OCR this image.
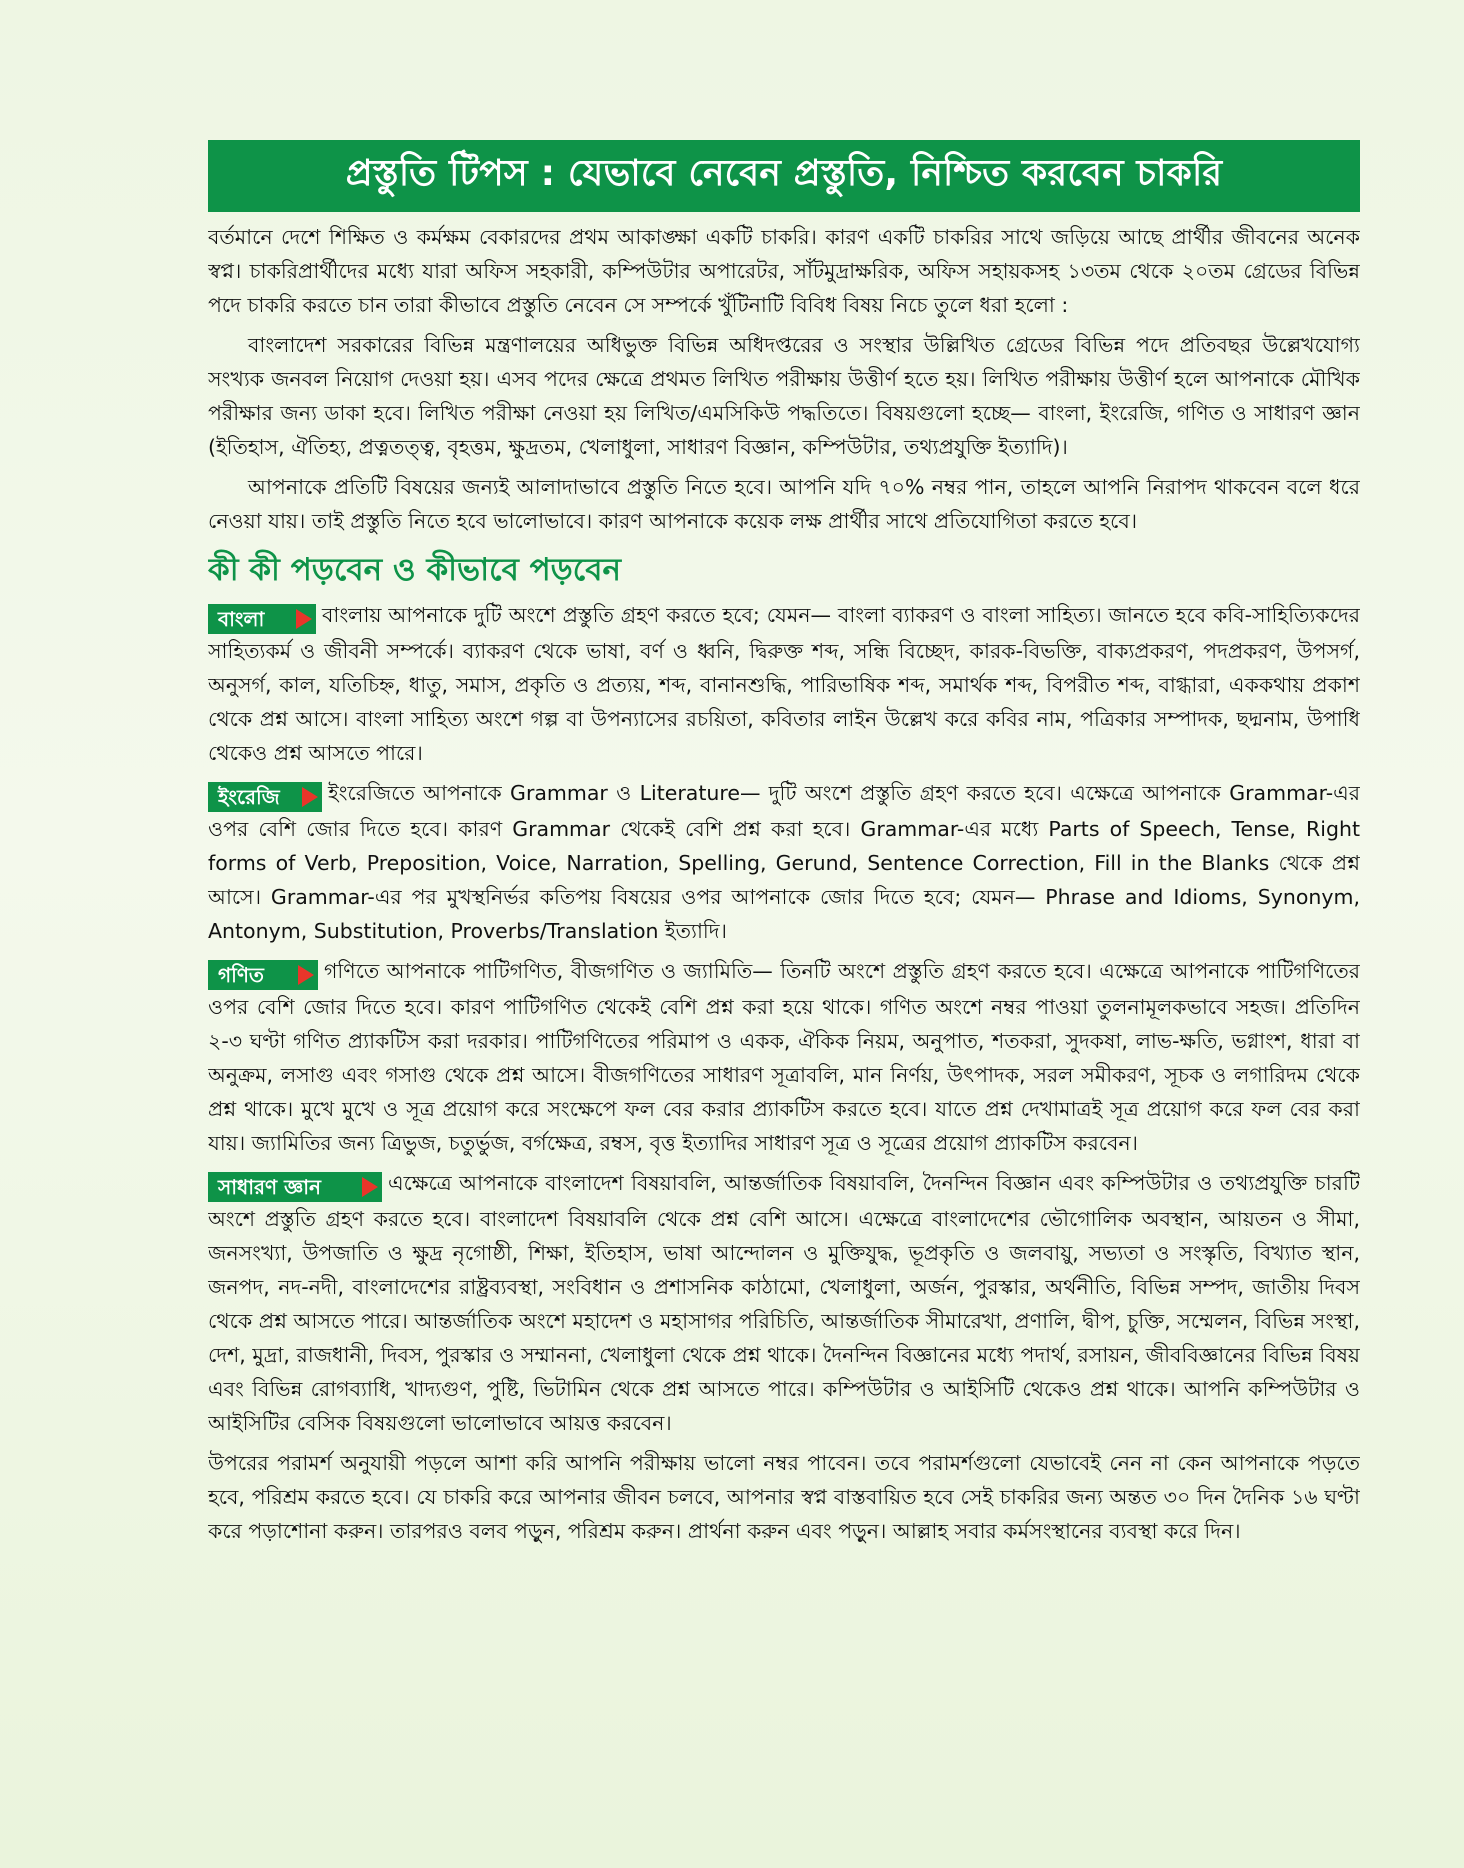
প্রস্তুতি টিপস : যেভাবে নেবেন প্রস্তুতি, নিশ্চিত করবেন চাকরি

বর্তমানে দেশে শিক্ষিত ও কর্মক্ষম বেকারদের প্রথম আকাঙ্ক্ষা একটি চাকরি। কারণ একটি চাকরির সাথে জড়িয়ে আছে প্রার্থীর জীবনের অনেক স্বপ্ন। চাকরিপ্রার্থীদের মধ্যে যারা অফিস সহকারী, কম্পিউটার অপারেটর, সাঁটমুদ্রাক্ষরিক, অফিস সহায়কসহ ১৩তম থেকে ২০তম গ্রেডের বিভিন্ন পদে চাকরি করতে চান তারা কীভাবে প্রস্তুতি নেবেন সে সম্পর্কে খুঁটিনাটি বিবিধ বিষয় নিচে তুলে ধরা হলো :

বাংলাদেশ সরকারের বিভিন্ন মন্ত্রণালয়ের অধিভুক্ত বিভিন্ন অধিদপ্তরের ও সংস্থার উল্লিখিত গ্রেডের বিভিন্ন পদে প্রতিবছর উল্লেখযোগ্য সংখ্যক জনবল নিয়োগ দেওয়া হয়। এসব পদের ক্ষেত্রে প্রথমত লিখিত পরীক্ষায় উত্তীর্ণ হতে হয়। লিখিত পরীক্ষায় উত্তীর্ণ হলে আপনাকে মৌখিক পরীক্ষার জন্য ডাকা হবে। লিখিত পরীক্ষা নেওয়া হয় লিখিত/এমসিকিউ পদ্ধতিতে। বিষয়গুলো হচ্ছে— বাংলা, ইংরেজি, গণিত ও সাধারণ জ্ঞান (ইতিহাস, ঐতিহ্য, প্রত্নতত্ত্ব, বৃহত্তম, ক্ষুদ্রতম, খেলাধুলা, সাধারণ বিজ্ঞান, কম্পিউটার, তথ্যপ্রযুক্তি ইত্যাদি)।

আপনাকে প্রতিটি বিষয়ের জন্যই আলাদাভাবে প্রস্তুতি নিতে হবে। আপনি যদি ৭০% নম্বর পান, তাহলে আপনি নিরাপদ থাকবেন বলে ধরে নেওয়া যায়। তাই প্রস্তুতি নিতে হবে ভালোভাবে। কারণ আপনাকে কয়েক লক্ষ প্রার্থীর সাথে প্রতিযোগিতা করতে হবে।

কী কী পড়বেন ও কীভাবে পড়বেন

বাংলা	বাংলায় আপনাকে দুটি অংশে প্রস্তুতি গ্রহণ করতে হবে; যেমন— বাংলা ব্যাকরণ ও বাংলা সাহিত্য। জানতে হবে কবি-সাহিত্যিকদের সাহিত্যকর্ম ও জীবনী সম্পর্কে। ব্যাকরণ থেকে ভাষা, বর্ণ ও ধ্বনি, দ্বিরুক্ত শব্দ, সন্ধি বিচ্ছেদ, কারক-বিভক্তি, বাক্যপ্রকরণ, পদপ্রকরণ, উপসর্গ, অনুসর্গ, কাল, যতিচিহ্ন, ধাতু, সমাস, প্রকৃতি ও প্রত্যয়, শব্দ, বানানশুদ্ধি, পারিভাষিক শব্দ, সমার্থক শব্দ, বিপরীত শব্দ, বাগ্ধারা, এককথায় প্রকাশ থেকে প্রশ্ন আসে। বাংলা সাহিত্য অংশে গল্প বা উপন্যাসের রচয়িতা, কবিতার লাইন উল্লেখ করে কবির নাম, পত্রিকার সম্পাদক, ছদ্মনাম, উপাধি থেকেও প্রশ্ন আসতে পারে।

ইংরেজি ইংরেজিতে আপনাকে Grammar ও Literature— দুটি অংশে প্রস্তুতি গ্রহণ করতে হবে। এক্ষেত্রে আপনাকে Grammar-এর ওপর বেশি জোর দিতে হবে। কারণ Grammar থেকেই বেশি প্রশ্ন করা হবে। Grammar-এর মধ্যে Parts of Speech, Tense, Right forms of Verb, Preposition, Voice, Narration, Spelling, Gerund, Sentence Correction, Fill in the Blanks থেকে প্রশ্ন আসে। Grammar-এর পর মুখস্থনির্ভর কতিপয় বিষয়ের ওপর আপনাকে জোর দিতে হবে; যেমন— Phrase and Idioms, Synonym, Antonym, Substitution, Proverbs/Translation ইত্যাদি।

গণিত	গণিতে আপনাকে পাটিগণিত, বীজগণিত ও জ্যামিতি— তিনটি অংশে প্রস্তুতি গ্রহণ করতে হবে। এক্ষেত্রে আপনাকে পাটিগণিতের ওপর বেশি জোর দিতে হবে। কারণ পাটিগণিত থেকেই বেশি প্রশ্ন করা হয়ে থাকে। গণিত অংশে নম্বর পাওয়া তুলনামূলকভাবে সহজ। প্রতিদিন ২-৩ ঘণ্টা গণিত প্র্যাকটিস করা দরকার। পাটিগণিতের পরিমাপ ও একক, ঐকিক নিয়ম, অনুপাত, শতকরা, সুদকষা, লাভ-ক্ষতি, ভগ্নাংশ, ধারা বা অনুক্রম, লসাগু এবং গসাগু থেকে প্রশ্ন আসে। বীজগণিতের সাধারণ সূত্রাবলি, মান নির্ণয়, উৎপাদক, সরল সমীকরণ, সূচক ও লগারিদম থেকে প্রশ্ন থাকে। মুখে মুখে ও সূত্র প্রয়োগ করে সংক্ষেপে ফল বের করার প্র্যাকটিস করতে হবে। যাতে প্রশ্ন দেখামাত্রই সূত্র প্রয়োগ করে ফল বের করা যায়। জ্যামিতির জন্য ত্রিভুজ, চতুর্ভুজ, বর্গক্ষেত্র, রম্বস, বৃত্ত ইত্যাদির সাধারণ সূত্র ও সূত্রের প্রয়োগ প্র্যাকটিস করবেন।

সাধারণ জ্ঞান	এক্ষেত্রে আপনাকে বাংলাদেশ বিষয়াবলি, আন্তর্জাতিক বিষয়াবলি, দৈনন্দিন বিজ্ঞান এবং কম্পিউটার ও তথ্যপ্রযুক্তি চারটি অংশে প্রস্তুতি গ্রহণ করতে হবে। বাংলাদেশ বিষয়াবলি থেকে প্রশ্ন বেশি আসে। এক্ষেত্রে বাংলাদেশের ভৌগোলিক অবস্থান, আয়তন ও সীমা, জনসংখ্যা, উপজাতি ও ক্ষুদ্র নৃগোষ্ঠী, শিক্ষা, ইতিহাস, ভাষা আন্দোলন ও মুক্তিযুদ্ধ, ভূপ্রকৃতি ও জলবায়ু, সভ্যতা ও সংস্কৃতি, বিখ্যাত স্থান, জনপদ, নদ-নদী, বাংলাদেশের রাষ্ট্রব্যবস্থা, সংবিধান ও প্রশাসনিক কাঠামো, খেলাধুলা, অর্জন, পুরস্কার, অর্থনীতি, বিভিন্ন সম্পদ, জাতীয় দিবস থেকে প্রশ্ন আসতে পারে। আন্তর্জাতিক অংশে মহাদেশ ও মহাসাগর পরিচিতি, আন্তর্জাতিক সীমারেখা, প্রণালি, দ্বীপ, চুক্তি, সম্মেলন, বিভিন্ন সংস্থা, দেশ, মুদ্রা, রাজধানী, দিবস, পুরস্কার ও সম্মাননা, খেলাধুলা থেকে প্রশ্ন থাকে। দৈনন্দিন বিজ্ঞানের মধ্যে পদার্থ, রসায়ন, জীববিজ্ঞানের বিভিন্ন বিষয় এবং বিভিন্ন রোগব্যাধি, খাদ্যগুণ, পুষ্টি, ভিটামিন থেকে প্রশ্ন আসতে পারে। কম্পিউটার ও আইসিটি থেকেও প্রশ্ন থাকে। আপনি কম্পিউটার ও আইসিটির বেসিক বিষয়গুলো ভালোভাবে আয়ত্ত করবেন।

উপরের পরামর্শ অনুযায়ী পড়লে আশা করি আপনি পরীক্ষায় ভালো নম্বর পাবেন। তবে পরামর্শগুলো যেভাবেই নেন না কেন আপনাকে পড়তে হবে, পরিশ্রম করতে হবে। যে চাকরি করে আপনার জীবন চলবে, আপনার স্বপ্ন বাস্তবায়িত হবে সেই চাকরির জন্য অন্তত ৩০ দিন দৈনিক ১৬ ঘণ্টা করে পড়াশোনা করুন। তারপরও বলব পড়ুন, পরিশ্রম করুন। প্রার্থনা করুন এবং পড়ুন। আল্লাহ সবার কর্মসংস্থানের ব্যবস্থা করে দিন।
